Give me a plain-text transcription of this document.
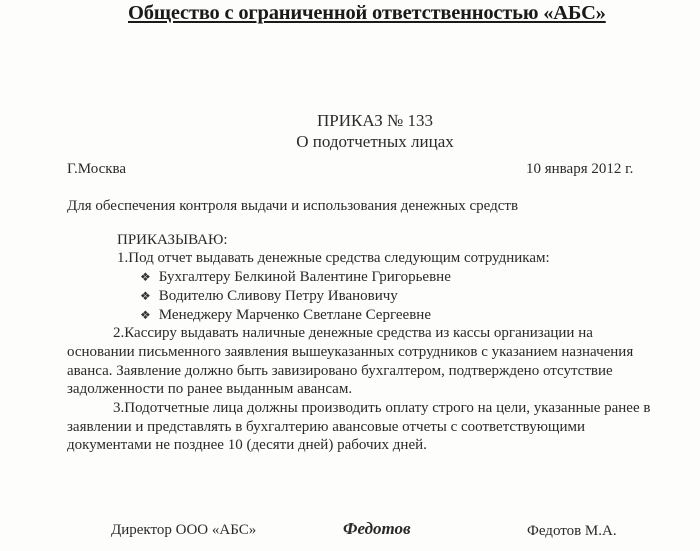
Общество с ограниченной ответственностью «АБС»
ПРИКАЗ № 133
О подотчетных лицах
Г.Москва	10 января 2012 г.
Для обеспечения контроля выдачи и использования денежных средств
ПРИКАЗЫВАЮ:
1.Под отчет выдавать денежные средства следующим сотрудникам:
❖ Бухгалтеру Белкиной Валентине Григорьевне
❖ Водителю Сливову Петру Ивановичу
❖ Менеджеру Марченко Светлане Сергеевне
2.Кассиру выдавать наличные денежные средства из кассы организации на
основании письменного заявления вышеуказанных сотрудников с указанием назначения
аванса. Заявление должно быть завизировано бухгалтером, подтверждено отсутствие
задолженности по ранее выданным авансам.
3.Подотчетные лица должны производить оплату строго на цели, указанные ранее в
заявлении и представлять в бухгалтерию авансовые отчеты с соответствующими
документами не позднее 10 (десяти дней) рабочих дней.
Директор ООО «АБС»	Федотов	Федотов М.А.
